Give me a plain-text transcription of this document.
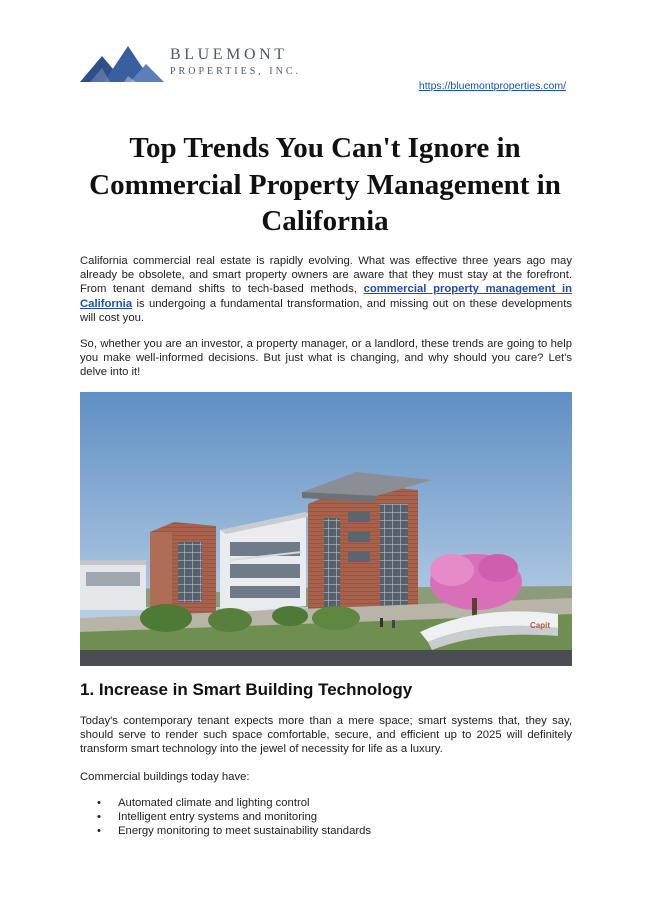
BLUEMONT
PROPERTIES, INC.
https://bluemontproperties.com/
Top Trends You Can't Ignore in Commercial Property Management in California

California commercial real estate is rapidly evolving. What was effective three years ago may already be obsolete, and smart property owners are aware that they must stay at the forefront. From tenant demand shifts to tech-based methods, commercial property management in California is undergoing a fundamental transformation, and missing out on these developments will cost you.

So, whether you are an investor, a property manager, or a landlord, these trends are going to help you make well-informed decisions. But just what is changing, and why should you care? Let's delve into it!

Capit
1. Increase in Smart Building Technology

Today's contemporary tenant expects more than a mere space; smart systems that, they say, should serve to render such space comfortable, secure, and efficient up to 2025 will definitely transform smart technology into the jewel of necessity for life as a luxury.

Commercial buildings today have:

• Automated climate and lighting control
• Intelligent entry systems and monitoring
• Energy monitoring to meet sustainability standards
